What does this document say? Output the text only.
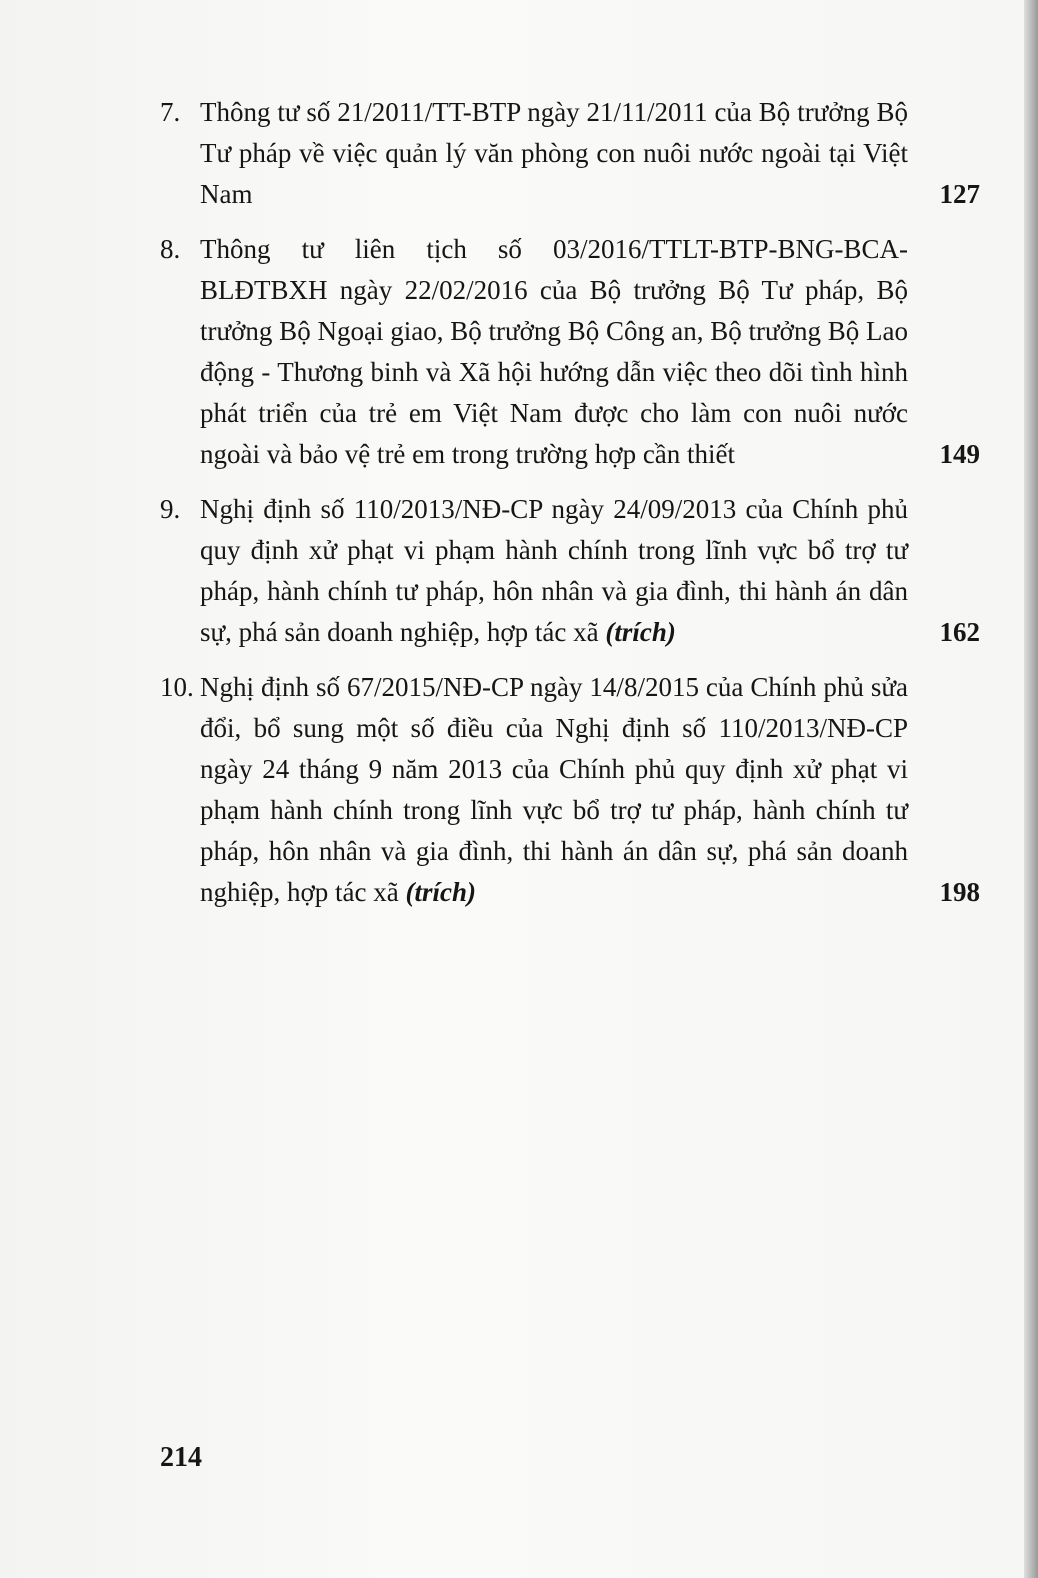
7. Thông tư số 21/2011/TT-BTP ngày 21/11/2011 của Bộ trưởng Bộ Tư pháp về việc quản lý văn phòng con nuôi nước ngoài tại Việt Nam	127
8. Thông tư liên tịch số 03/2016/TTLT-BTP-BNG-BCA-BLĐTBXH ngày 22/02/2016 của Bộ trưởng Bộ Tư pháp, Bộ trưởng Bộ Ngoại giao, Bộ trưởng Bộ Công an, Bộ trưởng Bộ Lao động - Thương binh và Xã hội hướng dẫn việc theo dõi tình hình phát triển của trẻ em Việt Nam được cho làm con nuôi nước ngoài và bảo vệ trẻ em trong trường hợp cần thiết	149
9. Nghị định số 110/2013/NĐ-CP ngày 24/09/2013 của Chính phủ quy định xử phạt vi phạm hành chính trong lĩnh vực bổ trợ tư pháp, hành chính tư pháp, hôn nhân và gia đình, thi hành án dân sự, phá sản doanh nghiệp, hợp tác xã (trích)	162
10. Nghị định số 67/2015/NĐ-CP ngày 14/8/2015 của Chính phủ sửa đổi, bổ sung một số điều của Nghị định số 110/2013/NĐ-CP ngày 24 tháng 9 năm 2013 của Chính phủ quy định xử phạt vi phạm hành chính trong lĩnh vực bổ trợ tư pháp, hành chính tư pháp, hôn nhân và gia đình, thi hành án dân sự, phá sản doanh nghiệp, hợp tác xã (trích)	198
214
